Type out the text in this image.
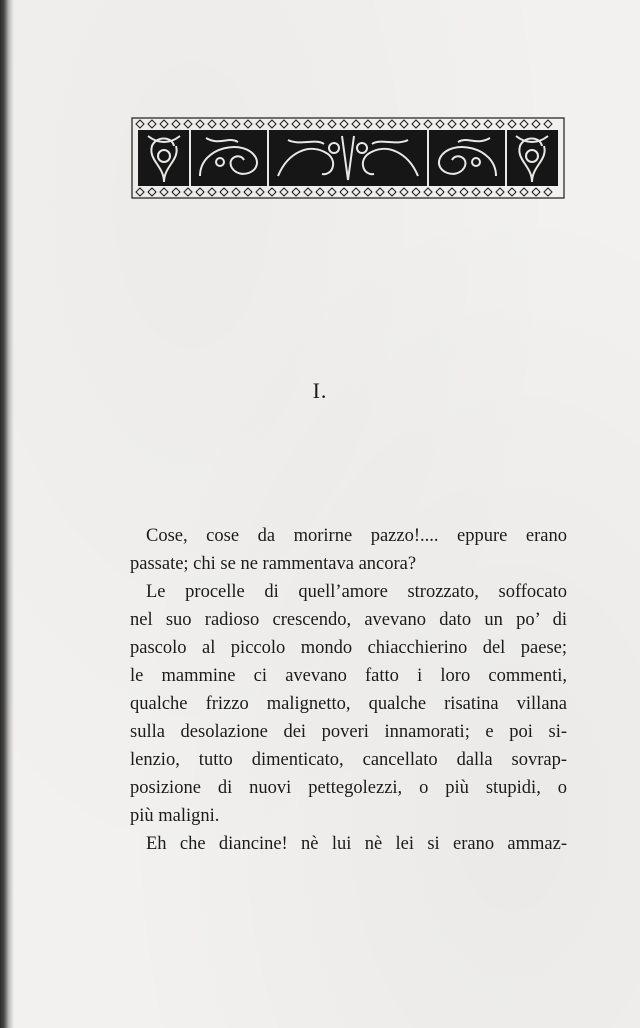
I.
Cose, cose da morirne pazzo!.... eppure erano
passate; chi se ne rammentava ancora?
Le procelle di quell’amore strozzato, soffocato
nel suo radioso crescendo, avevano dato un po’ di
pascolo al piccolo mondo chiacchierino del paese;
le mammine ci avevano fatto i loro commenti,
qualche frizzo malignetto, qualche risatina villana
sulla desolazione dei poveri innamorati; e poi si-
lenzio, tutto dimenticato, cancellato dalla sovrap-
posizione di nuovi pettegolezzi, o più stupidi, o
più maligni.
Eh che diancine! nè lui nè lei si erano ammaz-
